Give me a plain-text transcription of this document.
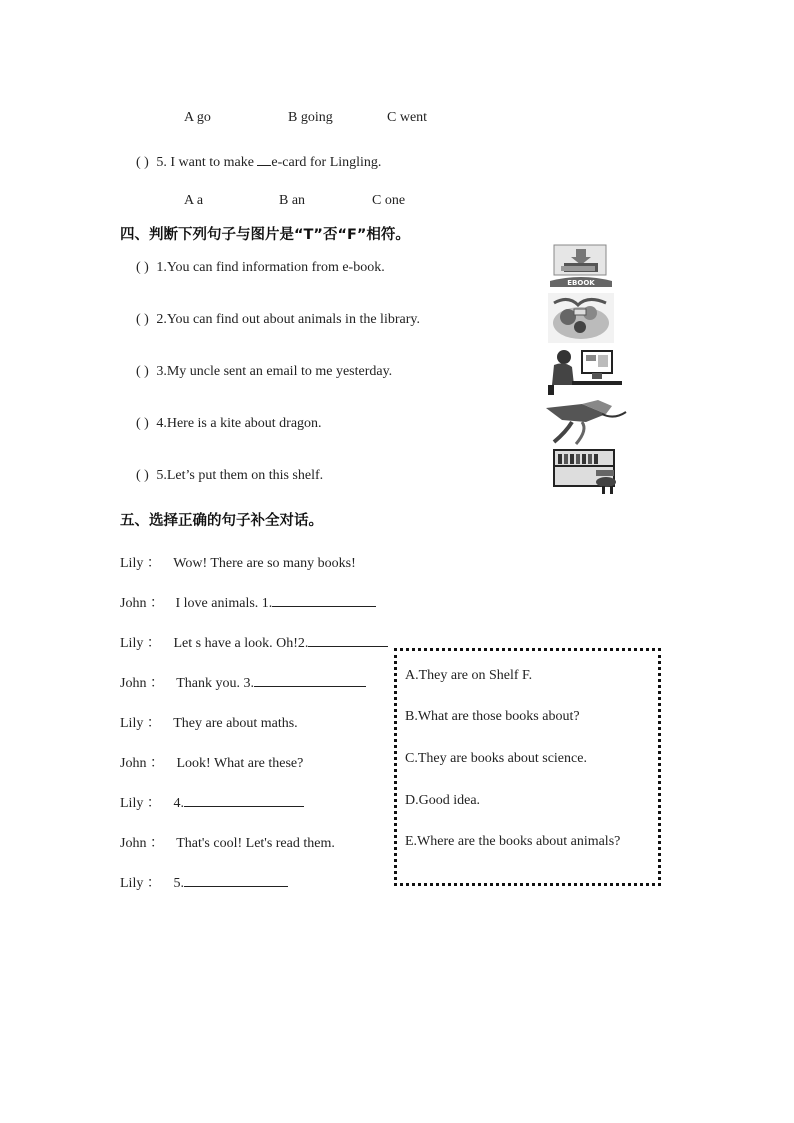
A go	B going	C went
( ) 5. I want to make e-card for Lingling.
A a	B an	C one
四、判断下列句子与图片是“T”否“F”相符。
( ) 1.You can find information from e-book.
( ) 2.You can find out about animals in the library.
( ) 3.My uncle sent an email to me yesterday.
( ) 4.Here is a kite about dragon.
( ) 5.Let’s put them on this shelf.
EBOOK
五、选择正确的句子补全对话。
Lily ： Wow! There are so many books!
John ： I love animals. 1.
Lily ： Let s have a look. Oh!2.
John ： Thank you. 3.
Lily ： They are about maths.
John ： Look! What are these?
Lily ： 4.
John ： That's cool! Let's read them.
Lily ： 5.
A.They are on Shelf F.
B.What are those books about?
C.They are books about science.
D.Good idea.
E.Where are the books about animals?
